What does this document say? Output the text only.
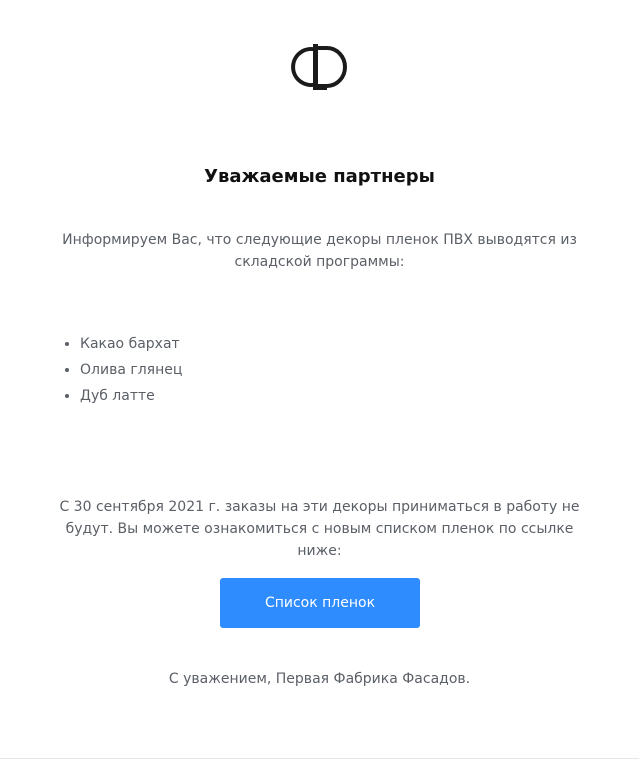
Уважаемые партнеры

Информируем Вас, что следующие декоры пленок ПВХ выводятся из складской программы:

• Какао бархат
• Олива глянец
• Дуб латте

С 30 сентября 2021 г. заказы на эти декоры приниматься в работу не будут. Вы можете ознакомиться с новым списком пленок по ссылке ниже:

Список пленок

С уважением, Первая Фабрика Фасадов.
